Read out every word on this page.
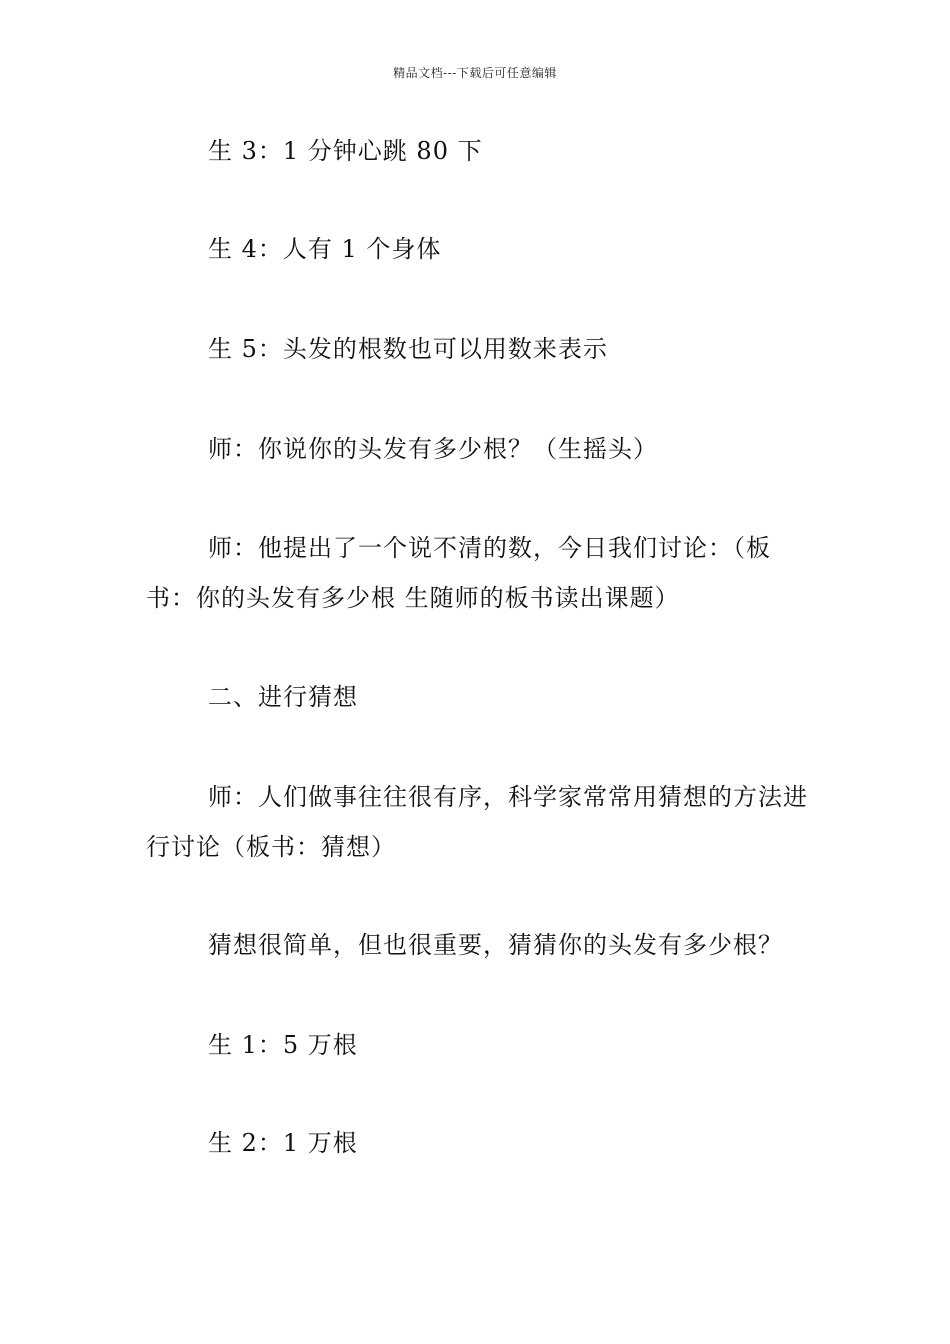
精品文档---下载后可任意编辑

生 3：1 分钟心跳 80 下

生 4：人有 1 个身体

生 5：头发的根数也可以用数来表示

师：你说你的头发有多少根？（生摇头）

师：他提出了一个说不清的数，今日我们讨论：（板书：你的头发有多少根 生随师的板书读出课题）

二、进行猜想

师：人们做事往往很有序，科学家常常用猜想的方法进行讨论（板书：猜想）

猜想很简单，但也很重要，猜猜你的头发有多少根？

生 1：5 万根

生 2：1 万根
